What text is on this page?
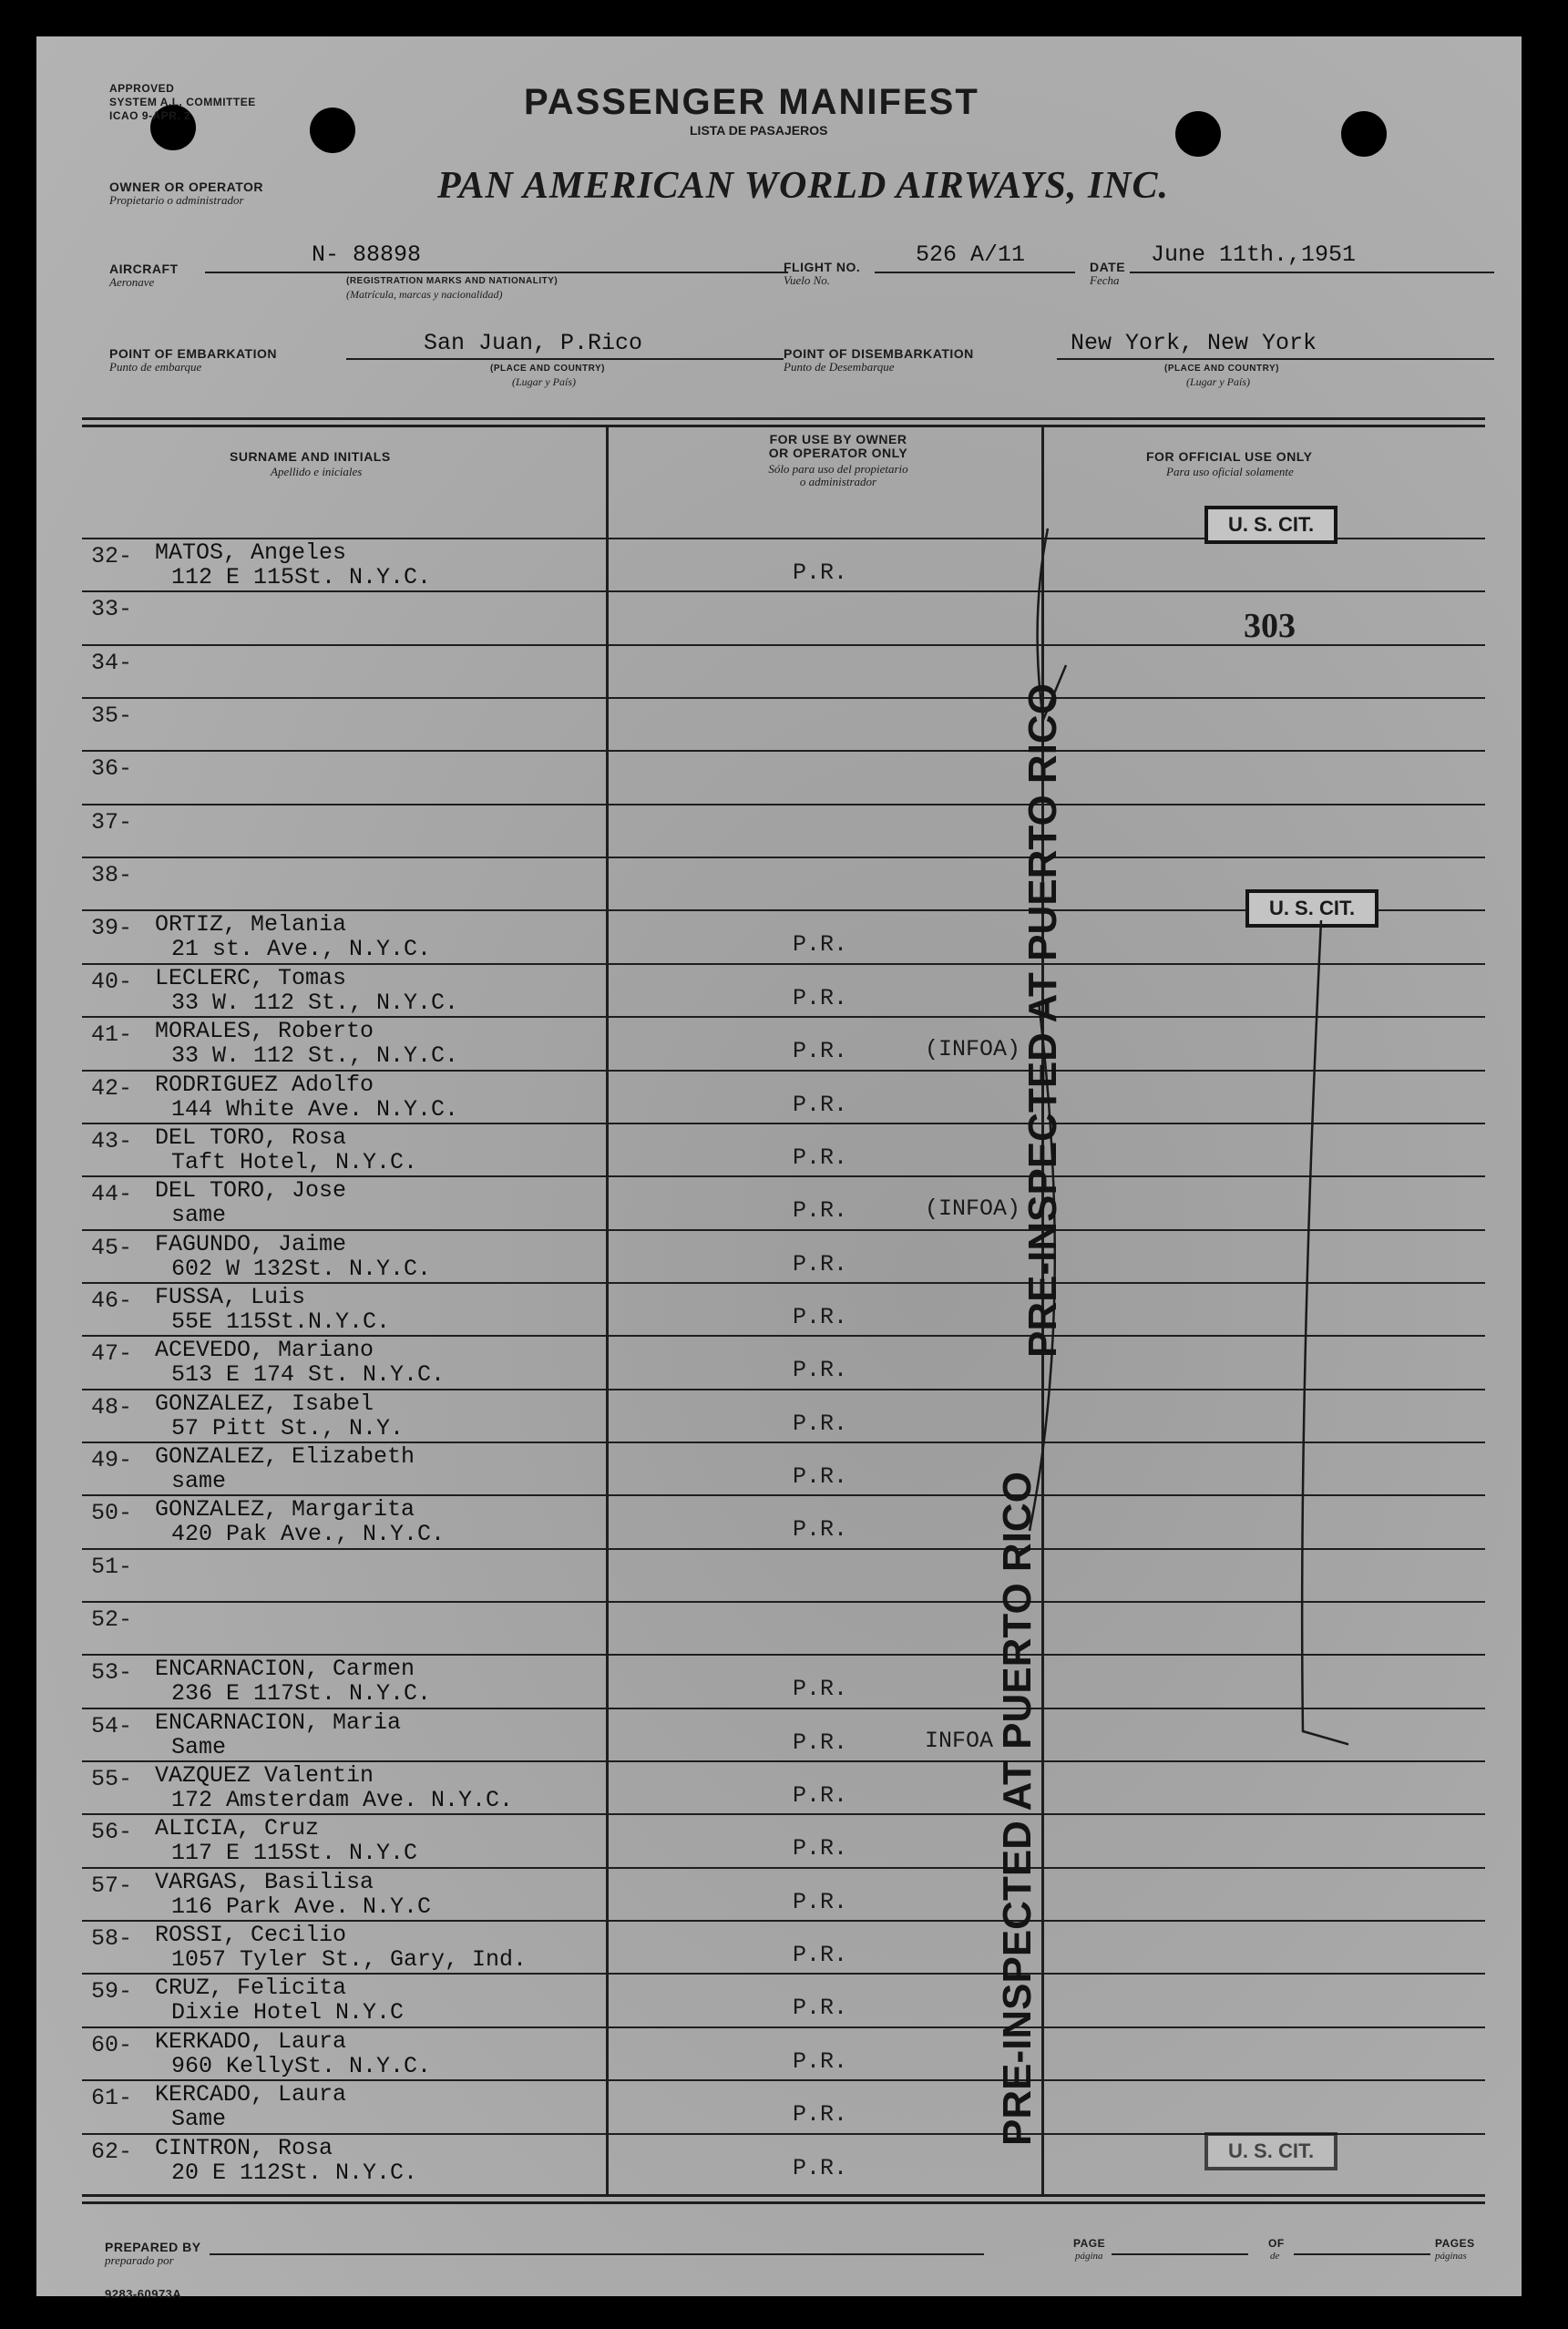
APPROVED
SYSTEM A.L. COMMITTEE
ICAO 9-APR. 2	PASSENGER MANIFEST
LISTA DE PASAJEROS
OWNER OR OPERATOR
Propietario o administrador	PAN AMERICAN WORLD AIRWAYS, INC.
AIRCRAFT
Aeronave
N- 88898
(REGISTRATION MARKS AND NATIONALITY)
(Matrícula, marcas y nacionalidad)
FLIGHT NO.
Vuelo No.
526 A/11	DATE
Fecha
June 11th.,1951
POINT OF EMBARKATION
Punto de embarque
San Juan, P.Rico
(PLACE AND COUNTRY)
(Lugar y País)
POINT OF DISEMBARKATION
Punto de Desembarque
New York, New York
(PLACE AND COUNTRY)
(Lugar y País)
SURNAME AND INITIALS
Apellido e iniciales
FOR USE BY OWNER
OR OPERATOR ONLY
Sólo para uso del propietario
o administrador
FOR OFFICIAL USE ONLY
Para uso oficial solamente
32- MATOS, Angeles
112 E 115St. N.Y.C.	P.R.
33-
34-
35-
36-
37-
38-
39- ORTIZ, Melania
21 st. Ave., N.Y.C.	P.R.
40- LECLERC, Tomas
33 W. 112 St., N.Y.C.	P.R.
41- MORALES, Roberto
33 W. 112 St., N.Y.C.	P.R.	(INFOA)
42- RODRIGUEZ Adolfo
144 White Ave. N.Y.C.	P.R.
43- DEL TORO, Rosa
Taft Hotel, N.Y.C.	P.R.
44- DEL TORO, Jose
same	P.R.	(INFOA)
45- FAGUNDO, Jaime
602 W 132St. N.Y.C.	P.R.
46- FUSSA, Luis
55E 115St.N.Y.C.	P.R.
47- ACEVEDO, Mariano
513 E 174 St. N.Y.C.	P.R.
48- GONZALEZ, Isabel
57 Pitt St., N.Y.	P.R.
49- GONZALEZ, Elizabeth
same	P.R.
50- GONZALEZ, Margarita
420 Pak Ave., N.Y.C.	P.R.
51-
52-
53- ENCARNACION, Carmen
236 E 117St. N.Y.C.	P.R.
54- ENCARNACION, Maria
Same	P.R.	INFOA
55- VAZQUEZ Valentin
172 Amsterdam Ave. N.Y.C.	P.R.
56- ALICIA, Cruz
117 E 115St. N.Y.C	P.R.
57- VARGAS, Basilisa
116 Park Ave. N.Y.C	P.R.
58- ROSSI, Cecilio
1057 Tyler St., Gary, Ind.	P.R.
59- CRUZ, Felicita
Dixie Hotel N.Y.C	P.R.
60- KERKADO, Laura
960 KellySt. N.Y.C.	P.R.
61- KERCADO, Laura
Same	P.R.
62- CINTRON, Rosa
20 E 112St. N.Y.C.	P.R.
U. S. CIT.
303
U. S. CIT.
U. S. CIT.
PRE-INSPECTED AT PUERTO RICO
PRE-INSPECTED AT PUERTO RICO
PREPARED BY
preparado por
PAGE
página
OF
de
PAGES
páginas
9283-60973A
